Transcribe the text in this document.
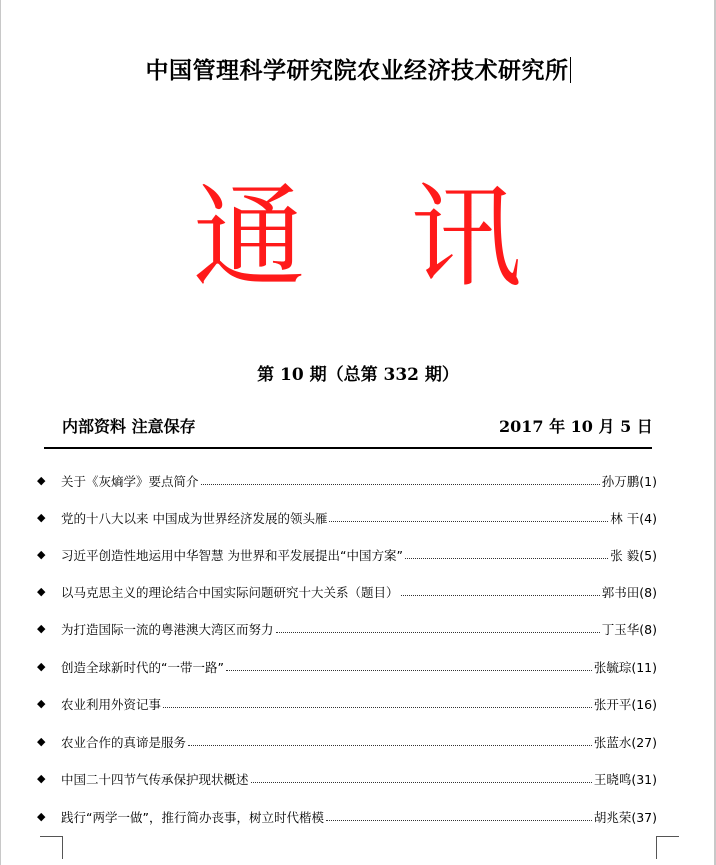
中国管理科学研究院农业经济技术研究所
通 讯
第 10 期（总第 332 期）
内部资料 注意保存	2017 年 10 月 5 日
◆	关于《灰熵学》要点简介	孙万鹏 (1)
◆	党的十八大以来 中国成为世界经济发展的领头雁	林 干 (4)
◆	习近平创造性地运用中华智慧 为世界和平发展提出“中国方案”	张 毅 (5)
◆	以马克思主义的理论结合中国实际问题研究十大关系（题目）	郭书田 (8)
◆	为打造国际一流的粤港澳大湾区而努力	丁玉华 (8)
◆	创造全球新时代的“一带一路”	张毓琮 (11)
◆	农业利用外资记事	张开平 (16)
◆	农业合作的真谛是服务	张蓝水 (27)
◆	中国二十四节气传承保护现状概述	王晓鸣 (31)
◆	践行“两学一做”，推行简办丧事，树立时代楷模	胡兆荣 (37)
